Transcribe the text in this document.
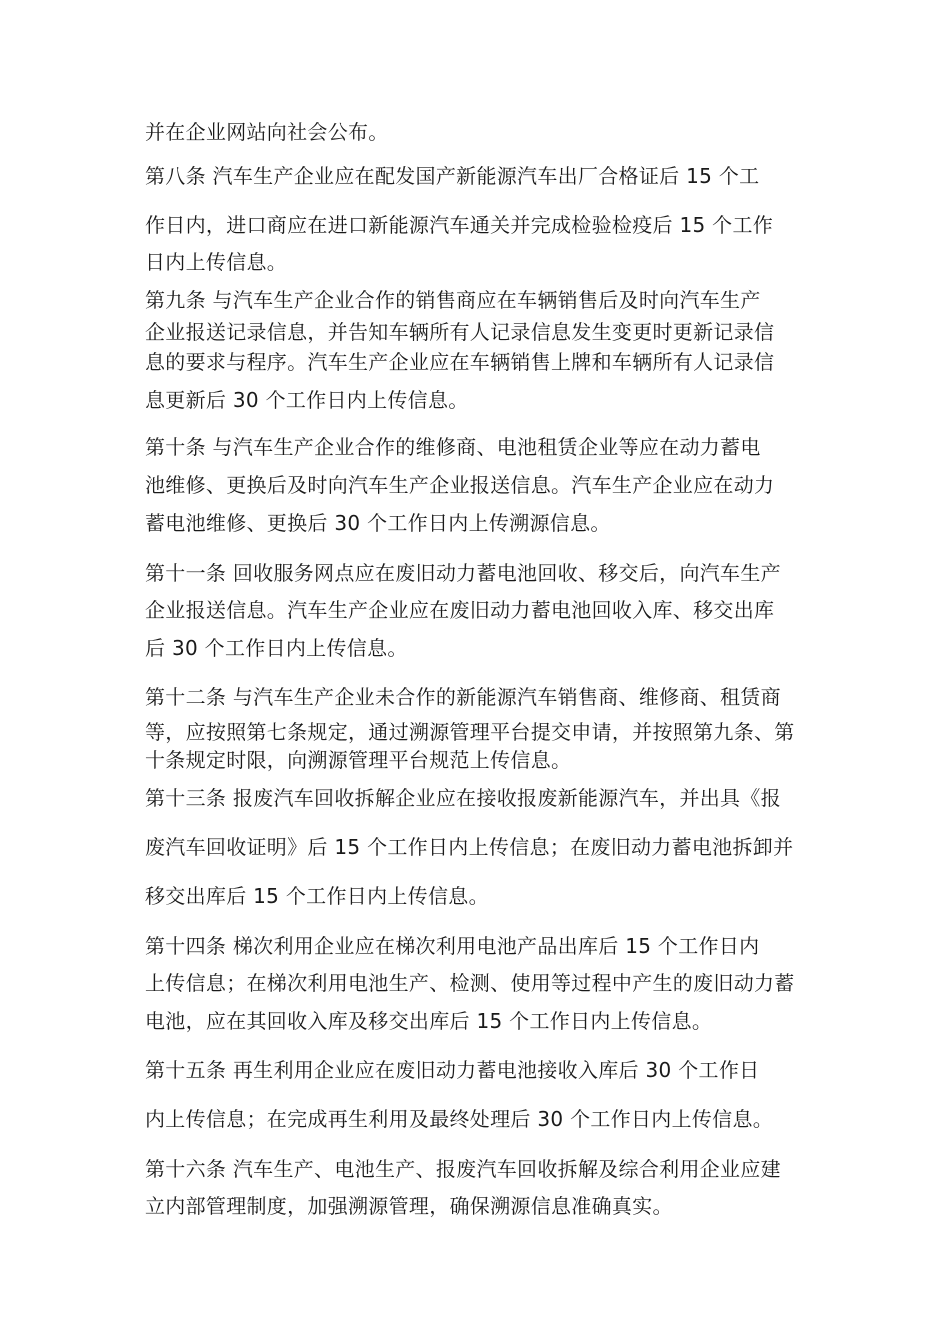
并在企业网站向社会公布。
第八条 汽车生产企业应在配发国产新能源汽车出厂合格证后 15 个工
作日内，进口商应在进口新能源汽车通关并完成检验检疫后 15 个工作
日内上传信息。
第九条 与汽车生产企业合作的销售商应在车辆销售后及时向汽车生产
企业报送记录信息，并告知车辆所有人记录信息发生变更时更新记录信
息的要求与程序。汽车生产企业应在车辆销售上牌和车辆所有人记录信
息更新后 30 个工作日内上传信息。
第十条 与汽车生产企业合作的维修商、电池租赁企业等应在动力蓄电
池维修、更换后及时向汽车生产企业报送信息。汽车生产企业应在动力
蓄电池维修、更换后 30 个工作日内上传溯源信息。
第十一条 回收服务网点应在废旧动力蓄电池回收、移交后，向汽车生产
企业报送信息。汽车生产企业应在废旧动力蓄电池回收入库、移交出库
后 30 个工作日内上传信息。
第十二条 与汽车生产企业未合作的新能源汽车销售商、维修商、租赁商
等，应按照第七条规定，通过溯源管理平台提交申请，并按照第九条、第
十条规定时限，向溯源管理平台规范上传信息。
第十三条 报废汽车回收拆解企业应在接收报废新能源汽车，并出具《报
废汽车回收证明》后 15 个工作日内上传信息；在废旧动力蓄电池拆卸并
移交出库后 15 个工作日内上传信息。
第十四条 梯次利用企业应在梯次利用电池产品出库后 15 个工作日内
上传信息；在梯次利用电池生产、检测、使用等过程中产生的废旧动力蓄
电池，应在其回收入库及移交出库后 15 个工作日内上传信息。
第十五条 再生利用企业应在废旧动力蓄电池接收入库后 30 个工作日
内上传信息；在完成再生利用及最终处理后 30 个工作日内上传信息。
第十六条 汽车生产、电池生产、报废汽车回收拆解及综合利用企业应建
立内部管理制度，加强溯源管理，确保溯源信息准确真实。
